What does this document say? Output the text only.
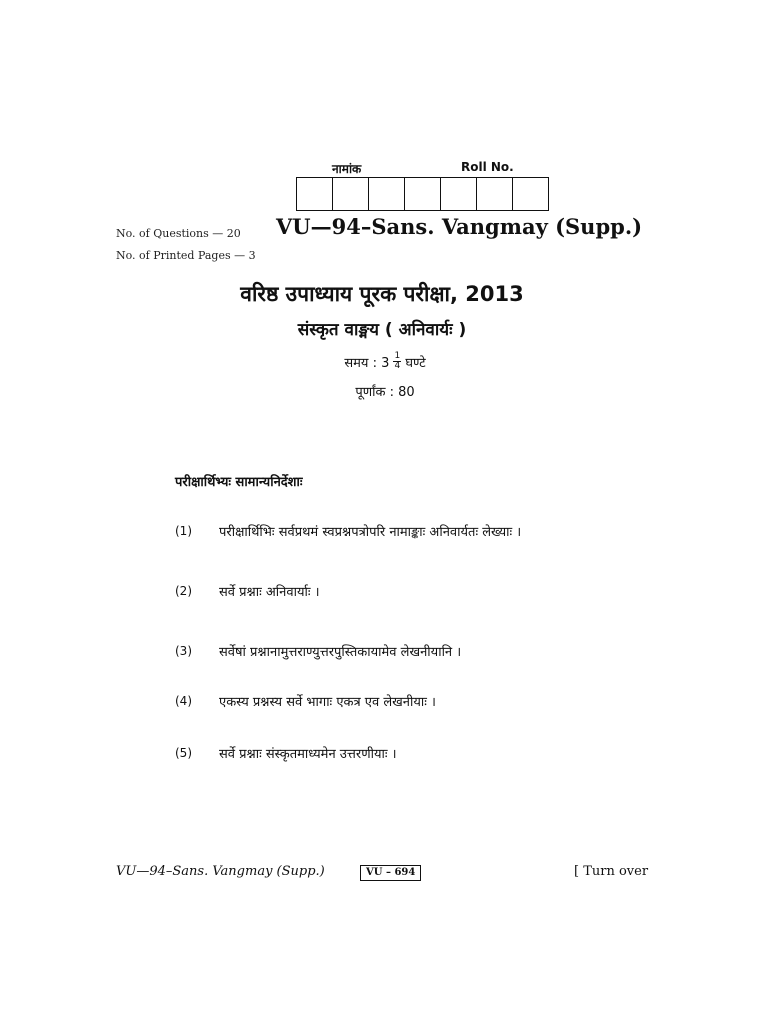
नामांक	Roll No.
No. of Questions — 20
No. of Printed Pages — 3
VU—94–Sans. Vangmay (Supp.)
वरिष्ठ उपाध्याय पूरक परीक्षा, 2013
संस्कृत वाङ्मय ( अनिवार्यः )
समय : $3 \frac{1}{4}$ घण्टे
पूर्णांक : 80
परीक्षार्थिभ्यः सामान्यनिर्देशाः
(1)	परीक्षार्थिभिः सर्वप्रथमं स्वप्रश्नपत्रोपरि नामाङ्काः अनिवार्यतः लेख्याः ।
(2)	सर्वे प्रश्नाः अनिवार्याः ।
(3)	सर्वेषां प्रश्नानामुत्तराण्युत्तरपुस्तिकायामेव लेखनीयानि ।
(4)	एकस्य प्रश्नस्य सर्वे भागाः एकत्र एव लेखनीयाः ।
(5)	सर्वे प्रश्नाः संस्कृतमाध्यमेन उत्तरणीयाः ।
VU—94–Sans. Vangmay (Supp.)	VU – 694	[ Turn over
